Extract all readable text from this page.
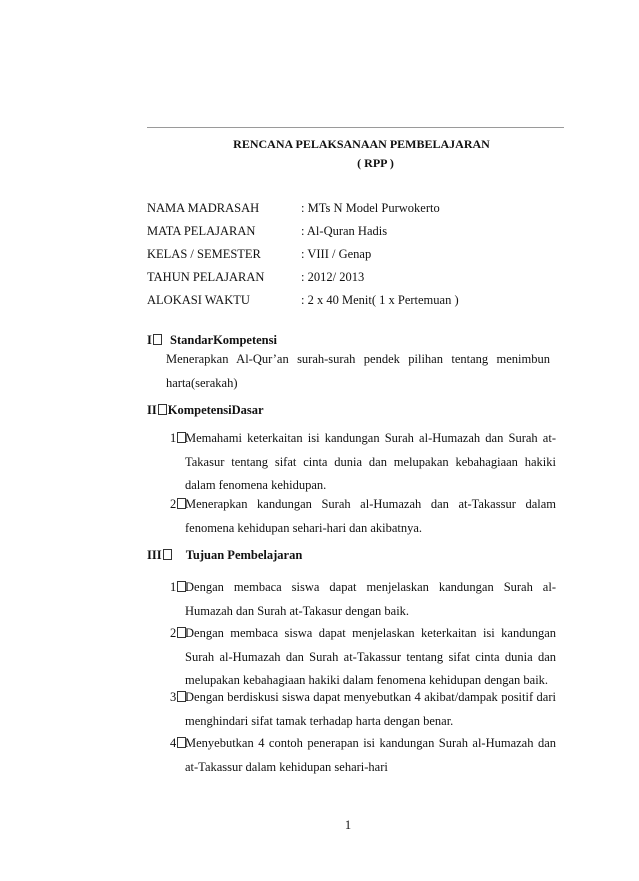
RENCANA PELAKSANAAN PEMBELAJARAN
( RPP )
NAMA MADRASAH	: MTs N Model Purwokerto
MATA PELAJARAN	: Al-Quran Hadis
KELAS / SEMESTER	: VIII / Genap
TAHUN PELAJARAN	: 2012/ 2013
ALOKASI WAKTU	: 2 x 40 Menit( 1 x Pertemuan )
I StandarKompetensi
Menerapkan Al-Qur’an surah-surah pendek pilihan tentang menimbun harta(serakah)
II KompetensiDasar
1 Memahami keterkaitan isi kandungan Surah al-Humazah dan Surah at-Takasur tentang sifat cinta dunia dan melupakan kebahagiaan hakiki dalam fenomena kehidupan.
2 Menerapkan kandungan Surah al-Humazah dan at-Takassur dalam fenomena kehidupan sehari-hari dan akibatnya.
III Tujuan Pembelajaran
1 Dengan membaca siswa dapat menjelaskan kandungan Surah al-Humazah dan Surah at-Takasur dengan baik.
2 Dengan membaca siswa dapat menjelaskan keterkaitan isi kandungan Surah al-Humazah dan Surah at-Takassur tentang sifat cinta dunia dan melupakan kebahagiaan hakiki dalam fenomena kehidupan dengan baik.
3 Dengan berdiskusi siswa dapat menyebutkan 4 akibat/dampak positif dari menghindari sifat tamak terhadap harta dengan benar.
4 Menyebutkan 4 contoh penerapan isi kandungan Surah al-Humazah dan at-Takassur dalam kehidupan sehari-hari
1
